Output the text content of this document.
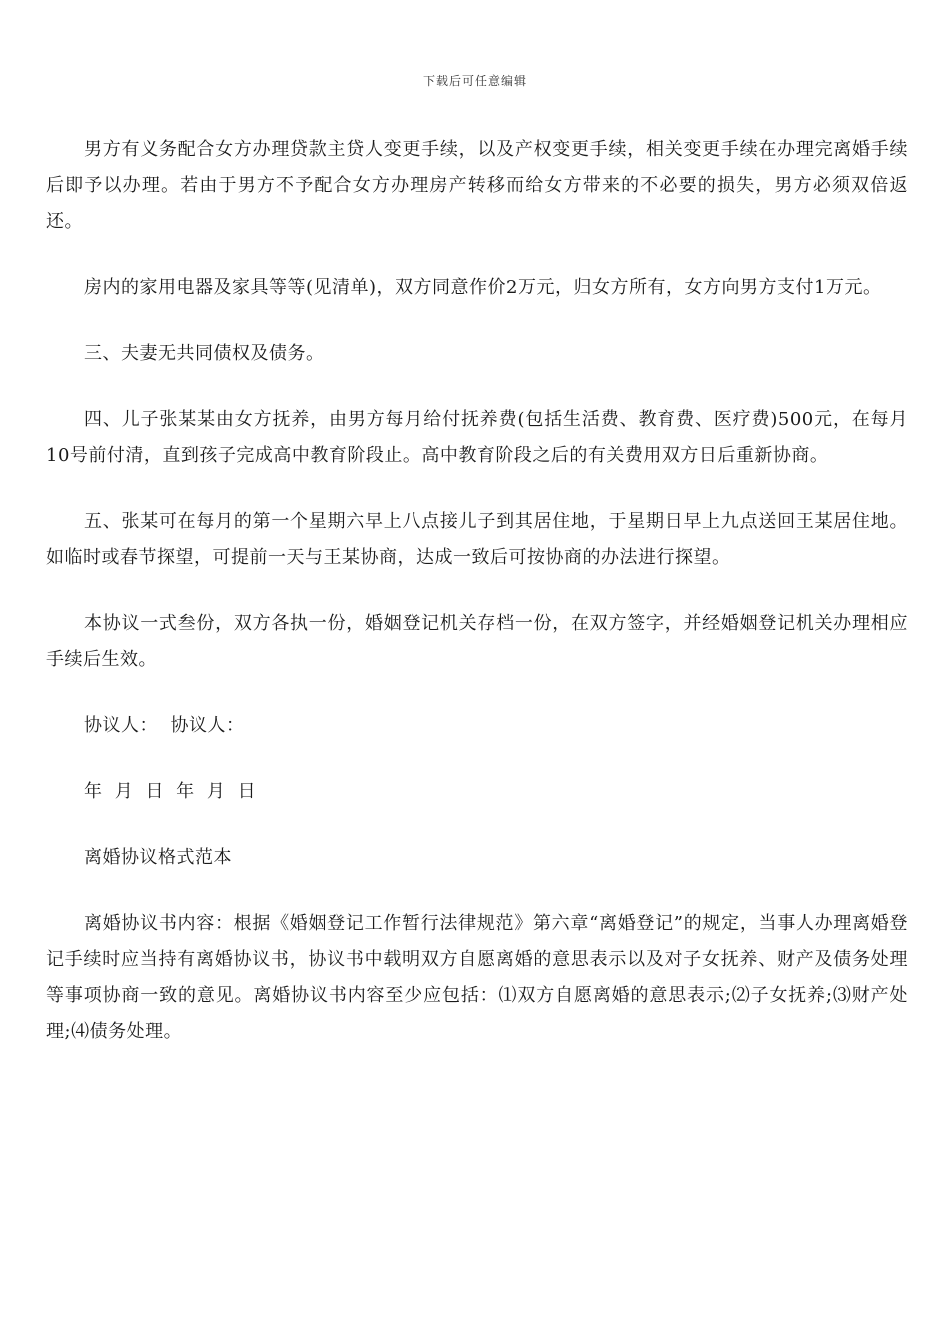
下载后可任意编辑

男方有义务配合女方办理贷款主贷人变更手续，以及产权变更手续，相关变更手续在办理完离婚手续后即予以办理。若由于男方不予配合女方办理房产转移而给女方带来的不必要的损失，男方必须双倍返还。

房内的家用电器及家具等等(见清单)，双方同意作价2万元，归女方所有，女方向男方支付1万元。

三、夫妻无共同债权及债务。

四、儿子张某某由女方抚养，由男方每月给付抚养费(包括生活费、教育费、医疗费)500元，在每月10号前付清，直到孩子完成高中教育阶段止。高中教育阶段之后的有关费用双方日后重新协商。

五、张某可在每月的第一个星期六早上八点接儿子到其居住地，于星期日早上九点送回王某居住地。如临时或春节探望，可提前一天与王某协商，达成一致后可按协商的办法进行探望。

本协议一式叁份，双方各执一份，婚姻登记机关存档一份，在双方签字，并经婚姻登记机关办理相应手续后生效。

协议人：  协议人：

年 月 日 年 月 日

离婚协议格式范本

离婚协议书内容：根据《婚姻登记工作暂行法律规范》第六章“离婚登记”的规定，当事人办理离婚登记手续时应当持有离婚协议书，协议书中载明双方自愿离婚的意思表示以及对子女抚养、财产及债务处理等事项协商一致的意见。离婚协议书内容至少应包括：⑴双方自愿离婚的意思表示;⑵子女抚养;⑶财产处理;⑷债务处理。
